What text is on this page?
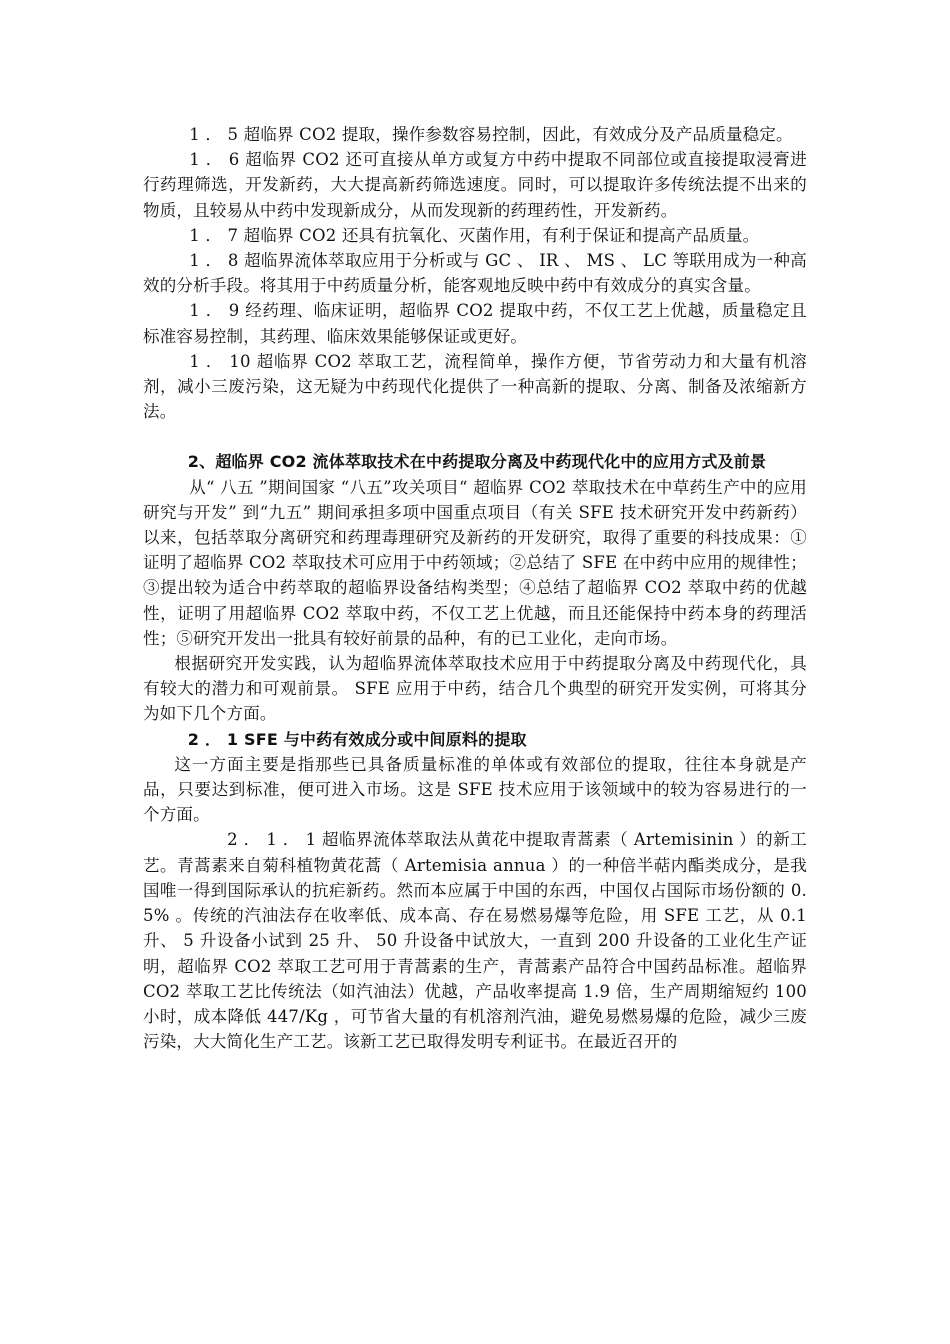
1 ． 5 超临界 CO2 提取，操作参数容易控制，因此，有效成分及产品质量稳定。

1 ． 6 超临界 CO2 还可直接从单方或复方中药中提取不同部位或直接提取浸膏进行药理筛选，开发新药，大大提高新药筛选速度。同时，可以提取许多传统法提不出来的物质，且较易从中药中发现新成分，从而发现新的药理药性，开发新药。

1 ． 7 超临界 CO2 还具有抗氧化、灭菌作用，有利于保证和提高产品质量。

1 ． 8 超临界流体萃取应用于分析或与 GC 、 IR 、 MS 、 LC 等联用成为一种高效的分析手段。将其用于中药质量分析，能客观地反映中药中有效成分的真实含量。

1 ． 9 经药理、临床证明，超临界 CO2 提取中药，不仅工艺上优越，质量稳定且标准容易控制，其药理、临床效果能够保证或更好。

1 ． 10 超临界 CO2 萃取工艺，流程简单，操作方便，节省劳动力和大量有机溶剂，减小三废污染，这无疑为中药现代化提供了一种高新的提取、分离、制备及浓缩新方法。

2、超临界 CO2 流体萃取技术在中药提取分离及中药现代化中的应用方式及前景

从“ 八五 ”期间国家 “八五”攻关项目“ 超临界 CO2 萃取技术在中草药生产中的应用研究与开发” 到“九五” 期间承担多项中国重点项目（有关 SFE 技术研究开发中药新药）以来，包括萃取分离研究和药理毒理研究及新药的开发研究，取得了重要的科技成果：①证明了超临界 CO2 萃取技术可应用于中药领域；②总结了 SFE 在中药中应用的规律性；③提出较为适合中药萃取的超临界设备结构类型；④总结了超临界 CO2 萃取中药的优越性，证明了用超临界 CO2 萃取中药，不仅工艺上优越，而且还能保持中药本身的药理活性；⑤研究开发出一批具有较好前景的品种，有的已工业化，走向市场。

根据研究开发实践，认为超临界流体萃取技术应用于中药提取分离及中药现代化，具有较大的潜力和可观前景。 SFE 应用于中药，结合几个典型的研究开发实例，可将其分为如下几个方面。

2 ． 1 SFE 与中药有效成分或中间原料的提取

这一方面主要是指那些已具备质量标准的单体或有效部位的提取，往往本身就是产品，只要达到标准，便可进入市场。这是 SFE 技术应用于该领域中的较为容易进行的一个方面。

2 ． 1 ． 1 超临界流体萃取法从黄花中提取青蒿素（ Artemisinin ）的新工艺。青蒿素来自菊科植物黄花蒿（ Artemisia annua ）的一种倍半萜内酯类成分，是我国唯一得到国际承认的抗疟新药。然而本应属于中国的东西，中国仅占国际市场份额的 0.5% 。传统的汽油法存在收率低、成本高、存在易燃易爆等危险，用 SFE 工艺，从 0.1 升、 5 升设备小试到 25 升、 50 升设备中试放大，一直到 200 升设备的工业化生产证明，超临界 CO2 萃取工艺可用于青蒿素的生产，青蒿素产品符合中国药品标准。超临界 CO2 萃取工艺比传统法（如汽油法）优越，产品收率提高 1.9 倍，生产周期缩短约 100 小时，成本降低 447/Kg ，可节省大量的有机溶剂汽油，避免易燃易爆的危险，减少三废污染，大大简化生产工艺。该新工艺已取得发明专利证书。在最近召开的
